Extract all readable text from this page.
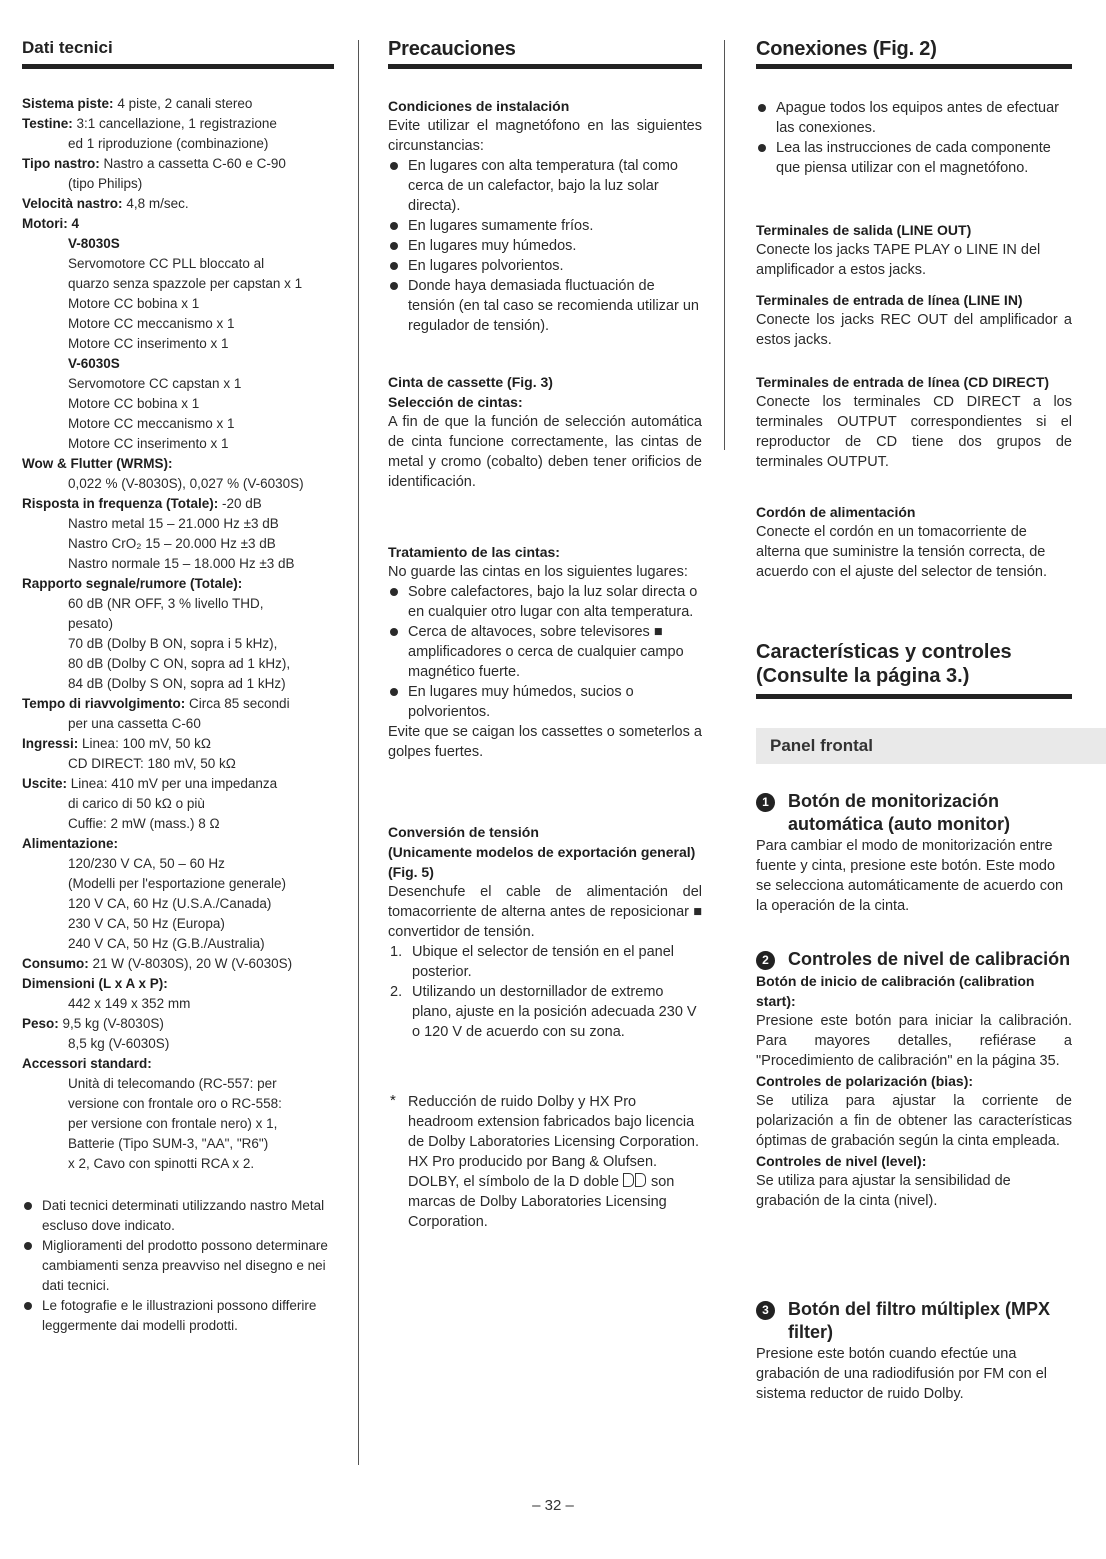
Dati tecnici

Sistema piste: 4 piste, 2 canali stereo

Testine: 3:1 cancellazione, 1 registrazione

ed 1 riproduzione (combinazione)

Tipo nastro: Nastro a cassetta C-60 e C-90

(tipo Philips)

Velocità nastro: 4,8 m/sec.

Motori: 4

V-8030S

Servomotore CC PLL bloccato al

quarzo senza spazzole per capstan x 1

Motore CC bobina x 1

Motore CC meccanismo x 1

Motore CC inserimento x 1

V-6030S

Servomotore CC capstan x 1

Motore CC bobina x 1

Motore CC meccanismo x 1

Motore CC inserimento x 1

Wow & Flutter (WRMS):

0,022 % (V-8030S), 0,027 % (V-6030S)

Risposta in frequenza (Totale): -20 dB

Nastro metal 15 – 21.000 Hz ±3 dB

Nastro CrO₂ 15 – 20.000 Hz ±3 dB

Nastro normale 15 – 18.000 Hz ±3 dB

Rapporto segnale/rumore (Totale):

60 dB (NR OFF, 3 % livello THD,

pesato)

70 dB (Dolby B ON, sopra i 5 kHz),

80 dB (Dolby C ON, sopra ad 1 kHz),

84 dB (Dolby S ON, sopra ad 1 kHz)

Tempo di riavvolgimento: Circa 85 secondi

per una cassetta C-60

Ingressi: Linea: 100 mV, 50 kΩ

CD DIRECT: 180 mV, 50 kΩ

Uscite: Linea: 410 mV per una impedanza

di carico di 50 kΩ o più

Cuffie: 2 mW (mass.) 8 Ω

Alimentazione:

120/230 V CA, 50 – 60 Hz

(Modelli per l'esportazione generale)

120 V CA, 60 Hz (U.S.A./Canada)

230 V CA, 50 Hz (Europa)

240 V CA, 50 Hz (G.B./Australia)

Consumo: 21 W (V-8030S), 20 W (V-6030S)

Dimensioni (L x A x P):

442 x 149 x 352 mm

Peso: 9,5 kg (V-8030S)

8,5 kg (V-6030S)

Accessori standard:

Unità di telecomando (RC-557: per

versione con frontale oro o RC-558:

per versione con frontale nero) x 1,

Batterie (Tipo SUM-3, "AA", "R6")

x 2, Cavo con spinotti RCA x 2.

Dati tecnici determinati utilizzando nastro Metal escluso dove indicato.
Miglioramenti del prodotto possono determinare cambiamenti senza preavviso nel disegno e nei dati tecnici.
Le fotografie e le illustrazioni possono differire leggermente dai modelli prodotti.
Precauciones
Condiciones de instalación

Evite utilizar el magnetófono en las siguientes circunstancias:

En lugares con alta temperatura (tal como cerca de un calefactor, bajo la luz solar directa).
En lugares sumamente fríos.
En lugares muy húmedos.
En lugares polvorientos.
Donde haya demasiada fluctuación de tensión (en tal caso se recomienda utilizar un regulador de tensión).
Cinta de cassette (Fig. 3)
Selección de cintas:

A fin de que la función de selección automática de cinta funcione correctamente, las cintas de metal y cromo (cobalto) deben tener orificios de identificación.

Tratamiento de las cintas:

No guarde las cintas en los siguientes lugares:

Sobre calefactores, bajo la luz solar directa o en cualquier otro lugar con alta temperatura.
Cerca de altavoces, sobre televisores ■ amplificadores o cerca de cualquier campo magnético fuerte.
En lugares muy húmedos, sucios o polvorientos.

Evite que se caigan los cassettes o someterlos a golpes fuertes.

Conversión de tensión
(Unicamente modelos de exportación general) (Fig. 5)

Desenchufe el cable de alimentación del tomacorriente de alterna antes de reposicionar ■ convertidor de tensión.

1. Ubique el selector de tensión en el panel posterior.
2. Utilizando un destornillador de extremo plano, ajuste en la posición adecuada 230 V o 120 V de acuerdo con su zona.
* Reducción de ruido Dolby y HX Pro headroom extension fabricados bajo licencia de Dolby Laboratories Licensing Corporation. HX Pro producido por Bang & Olufsen.

DOLBY, el símbolo de la D doble  son marcas de Dolby Laboratories Licensing Corporation.

Conexiones (Fig. 2)
Apague todos los equipos antes de efectuar las conexiones.
Lea las instrucciones de cada componente que piensa utilizar con el magnetófono.
Terminales de salida (LINE OUT)

Conecte los jacks TAPE PLAY o LINE IN del amplificador a estos jacks.

Terminales de entrada de línea (LINE IN)

Conecte los jacks REC OUT del amplificador a estos jacks.

Terminales de entrada de línea (CD DIRECT)

Conecte los terminales CD DIRECT a los terminales OUTPUT correspondientes si el reproductor de CD tiene dos grupos de terminales OUTPUT.

Cordón de alimentación

Conecte el cordón en un tomacorriente de alterna que suministre la tensión correcta, de acuerdo con el ajuste del selector de tensión.

Características y controles
(Consulte la página 3.)
Panel frontal
1	Botón de monitorización automática (auto monitor)

Para cambiar el modo de monitorización entre fuente y cinta, presione este botón. Este modo se selecciona automáticamente de acuerdo con la operación de la cinta.

2	Controles de nivel de calibración
Botón de inicio de calibración (calibration start):

Presione este botón para iniciar la calibración. Para mayores detalles, refiérase a "Procedimiento de calibración" en la página 35.

Controles de polarización (bias):

Se utiliza para ajustar la corriente de polarización a fin de obtener las características óptimas de grabación según la cinta empleada.

Controles de nivel (level):

Se utiliza para ajustar la sensibilidad de grabación de la cinta (nivel).

3	Botón del filtro múltiplex (MPX filter)

Presione este botón cuando efectúe una grabación de una radiodifusión por FM con el sistema reductor de ruido Dolby.

– 32 –
